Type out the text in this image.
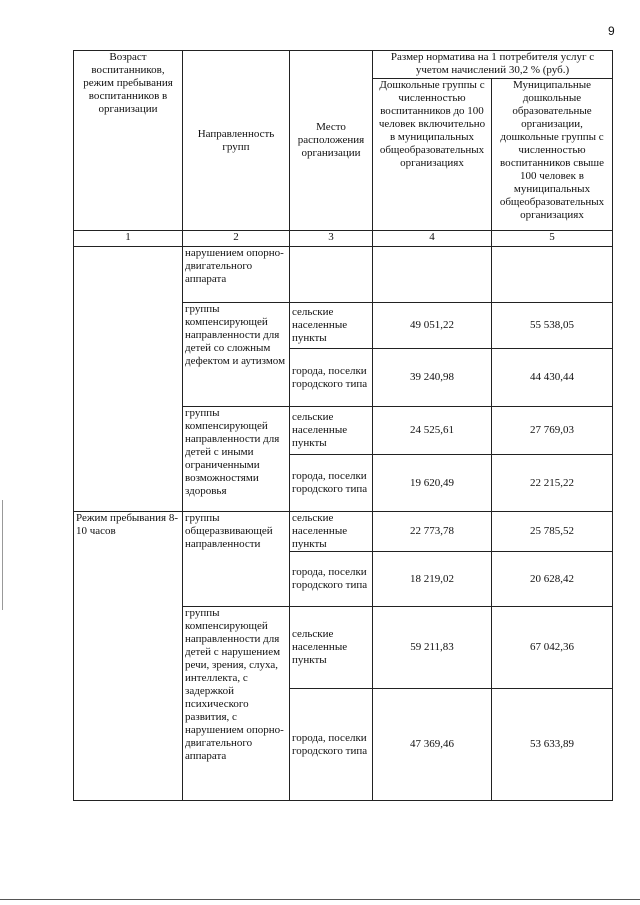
9
Возраст воспитанников, режим пребывания воспитанников в организации	Направленность групп	Место расположения организации	Размер норматива на 1 потребителя услуг с учетом начислений 30,2 % (руб.)	
			Дошкольные группы с численностью воспитанников до 100 человек включительно в муниципальных общеобразовательных организациях	Муниципальные дошкольные образовательные организации, дошкольные группы с численностью воспитанников свыше 100 человек в муниципальных общеобразовательных организациях
1	2	3	4	5
	нарушением опорно-двигательного аппарата			
	группы компенсирующей направленности для детей со сложным дефектом и аутизмом	сельские населенные пункты	49 051,22	55 538,05
		города, поселки городского типа	39 240,98	44 430,44
	группы компенсирующей направленности для детей с иными ограниченными возможностями здоровья	сельские населенные пункты	24 525,61	27 769,03
		города, поселки городского типа	19 620,49	22 215,22
Режим пребывания 8-10 часов	группы общеразвивающей направленности	сельские населенные пункты	22 773,78	25 785,52
		города, поселки городского типа	18 219,02	20 628,42
	группы компенсирующей направленности для детей с нарушением речи, зрения, слуха, интеллекта, с задержкой психического развития, с нарушением опорно-двигательного аппарата	сельские населенные пункты	59 211,83	67 042,36
		города, поселки городского типа	47 369,46	53 633,89
